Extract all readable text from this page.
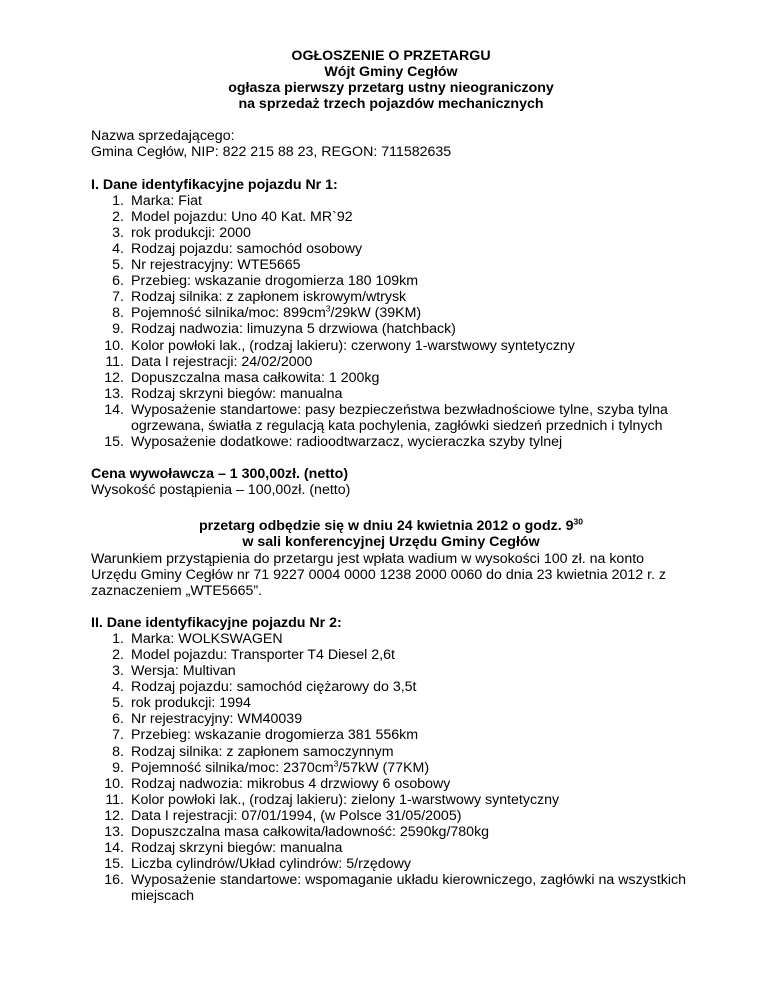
OGŁOSZENIE O PRZETARGU

Wójt Gminy Cegłów

ogłasza pierwszy przetarg ustny nieograniczony

na sprzedaż trzech pojazdów mechanicznych

Nazwa sprzedającego:

Gmina Cegłów, NIP: 822 215 88 23, REGON: 711582635

I. Dane identyfikacyjne pojazdu Nr 1:

1. Marka: Fiat
2. Model pojazdu: Uno 40 Kat. MR`92
3. rok produkcji: 2000
4. Rodzaj pojazdu: samochód osobowy
5. Nr rejestracyjny: WTE5665
6. Przebieg: wskazanie drogomierza 180 109km
7. Rodzaj silnika: z zapłonem iskrowym/wtrysk
8. Pojemność silnika/moc: $899cm^3/29kW$ (39KM)
9. Rodzaj nadwozia: limuzyna 5 drzwiowa (hatchback)
10. Kolor powłoki lak., (rodzaj lakieru): czerwony 1-warstwowy syntetyczny
11. Data I rejestracji: 24/02/2000
12. Dopuszczalna masa całkowita: 1 200kg
13. Rodzaj skrzyni biegów: manualna
14. Wyposażenie standartowe: pasy bezpieczeństwa bezwładnościowe tylne, szyba tylna ogrzewana, światła z regulacją kata pochylenia, zagłówki siedzeń przednich i tylnych
15. Wyposażenie dodatkowe: radioodtwarzacz, wycieraczka szyby tylnej

Cena wywoławcza – 1 300,00zł. (netto)

Wysokość postąpienia – 100,00zł. (netto)

przetarg odbędzie się w dniu 24 kwietnia 2012 o godz. $9^{30}$

w sali konferencyjnej Urzędu Gminy Cegłów

Warunkiem przystąpienia do przetargu jest wpłata wadium w wysokości 100 zł. na konto Urzędu Gminy Cegłów nr 71 9227 0004 0000 1238 2000 0060 do dnia 23 kwietnia 2012 r. z zaznaczeniem „WTE5665”.

II. Dane identyfikacyjne pojazdu Nr 2:

1. Marka: WOLKSWAGEN
2. Model pojazdu: Transporter T4 Diesel 2,6t
3. Wersja: Multivan
4. Rodzaj pojazdu: samochód ciężarowy do 3,5t
5. rok produkcji: 1994
6. Nr rejestracyjny: WM40039
7. Przebieg: wskazanie drogomierza 381 556km
8. Rodzaj silnika: z zapłonem samoczynnym
9. Pojemność silnika/moc: $2370cm^3/57kW$ (77KM)
10. Rodzaj nadwozia: mikrobus 4 drzwiowy 6 osobowy
11. Kolor powłoki lak., (rodzaj lakieru): zielony 1-warstwowy syntetyczny
12. Data I rejestracji: 07/01/1994, (w Polsce 31/05/2005)
13. Dopuszczalna masa całkowita/ładowność: 2590kg/780kg
14. Rodzaj skrzyni biegów: manualna
15. Liczba cylindrów/Układ cylindrów: 5/rzędowy
16. Wyposażenie standartowe: wspomaganie układu kierowniczego, zagłówki na wszystkich miejscach
